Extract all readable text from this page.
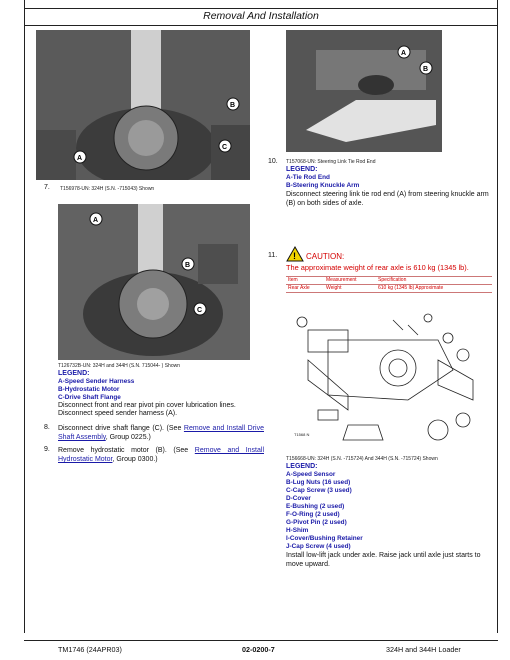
Removal And Installation
B
C
A
T156978-UN: 324H (S.N. -715043) Shown
7.
A
B
C
T126732B-UN: 324H and 344H (S.N. 715044- ) Shown
LEGEND:
A-Speed Sender Harness
B-Hydrostatic Motor
C-Drive Shaft Flange
Disconnect front and rear pivot pin cover lubrication lines.
Disconnect speed sender harness (A).
8. Disconnect drive shaft flange (C). (See Remove and Install Drive Shaft Assembly, Group 0225.)
9. Remove hydrostatic motor (B). (See Remove and Install Hydrostatic Motor, Group 0300.)
A
B
10. T157068-UN: Steering Link Tie Rod End
LEGEND:
A-Tie Rod End
B-Steering Knuckle Arm
Disconnect steering link tie rod end (A) from steering knuckle arm (B) on both sides of axle.
11. ! CAUTION:
The approximate weight of rear axle is 610 kg (1345 lb).
Item	Measurement	Specification
Rear Axle	Weight	610 kg (1345 lb) Approximate
T1568 N
T156668-UN: 324H (S.N. -715724) And 344H (S.N. -715724) Shown
LEGEND:
A-Speed Sensor
B-Lug Nuts (16 used)
C-Cap Screw (3 used)
D-Cover
E-Bushing (2 used)
F-O-Ring (2 used)
G-Pivot Pin (2 used)
H-Shim
I-Cover/Bushing Retainer
J-Cap Screw (4 used)
Install low-lift jack under axle. Raise jack until axle just starts to move upward.
TM1746 (24APR03)	02-0200-7	324H and 344H Loader
